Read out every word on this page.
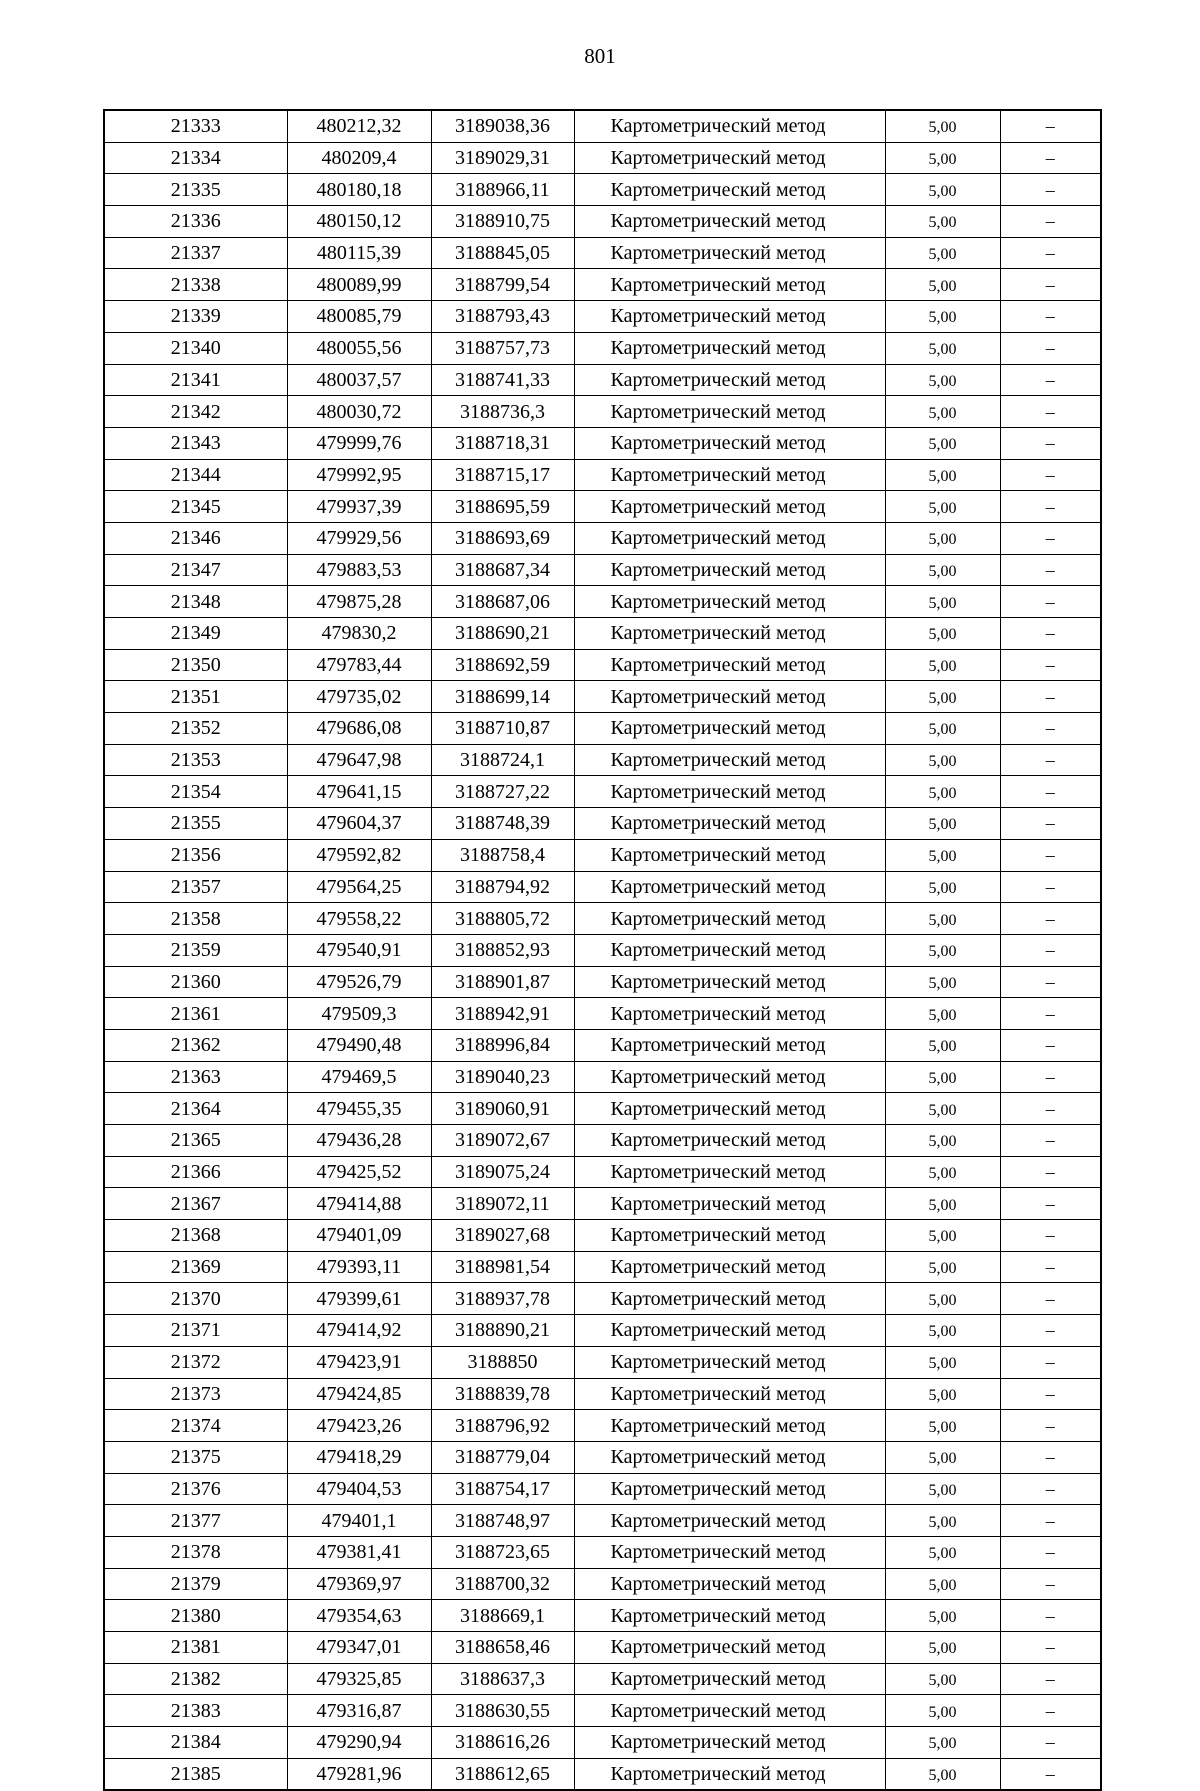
801
21333	480212,32	3189038,36	Картометрический метод	5,00	–
21334	480209,4	3189029,31	Картометрический метод	5,00	–
21335	480180,18	3188966,11	Картометрический метод	5,00	–
21336	480150,12	3188910,75	Картометрический метод	5,00	–
21337	480115,39	3188845,05	Картометрический метод	5,00	–
21338	480089,99	3188799,54	Картометрический метод	5,00	–
21339	480085,79	3188793,43	Картометрический метод	5,00	–
21340	480055,56	3188757,73	Картометрический метод	5,00	–
21341	480037,57	3188741,33	Картометрический метод	5,00	–
21342	480030,72	3188736,3	Картометрический метод	5,00	–
21343	479999,76	3188718,31	Картометрический метод	5,00	–
21344	479992,95	3188715,17	Картометрический метод	5,00	–
21345	479937,39	3188695,59	Картометрический метод	5,00	–
21346	479929,56	3188693,69	Картометрический метод	5,00	–
21347	479883,53	3188687,34	Картометрический метод	5,00	–
21348	479875,28	3188687,06	Картометрический метод	5,00	–
21349	479830,2	3188690,21	Картометрический метод	5,00	–
21350	479783,44	3188692,59	Картометрический метод	5,00	–
21351	479735,02	3188699,14	Картометрический метод	5,00	–
21352	479686,08	3188710,87	Картометрический метод	5,00	–
21353	479647,98	3188724,1	Картометрический метод	5,00	–
21354	479641,15	3188727,22	Картометрический метод	5,00	–
21355	479604,37	3188748,39	Картометрический метод	5,00	–
21356	479592,82	3188758,4	Картометрический метод	5,00	–
21357	479564,25	3188794,92	Картометрический метод	5,00	–
21358	479558,22	3188805,72	Картометрический метод	5,00	–
21359	479540,91	3188852,93	Картометрический метод	5,00	–
21360	479526,79	3188901,87	Картометрический метод	5,00	–
21361	479509,3	3188942,91	Картометрический метод	5,00	–
21362	479490,48	3188996,84	Картометрический метод	5,00	–
21363	479469,5	3189040,23	Картометрический метод	5,00	–
21364	479455,35	3189060,91	Картометрический метод	5,00	–
21365	479436,28	3189072,67	Картометрический метод	5,00	–
21366	479425,52	3189075,24	Картометрический метод	5,00	–
21367	479414,88	3189072,11	Картометрический метод	5,00	–
21368	479401,09	3189027,68	Картометрический метод	5,00	–
21369	479393,11	3188981,54	Картометрический метод	5,00	–
21370	479399,61	3188937,78	Картометрический метод	5,00	–
21371	479414,92	3188890,21	Картометрический метод	5,00	–
21372	479423,91	3188850	Картометрический метод	5,00	–
21373	479424,85	3188839,78	Картометрический метод	5,00	–
21374	479423,26	3188796,92	Картометрический метод	5,00	–
21375	479418,29	3188779,04	Картометрический метод	5,00	–
21376	479404,53	3188754,17	Картометрический метод	5,00	–
21377	479401,1	3188748,97	Картометрический метод	5,00	–
21378	479381,41	3188723,65	Картометрический метод	5,00	–
21379	479369,97	3188700,32	Картометрический метод	5,00	–
21380	479354,63	3188669,1	Картометрический метод	5,00	–
21381	479347,01	3188658,46	Картометрический метод	5,00	–
21382	479325,85	3188637,3	Картометрический метод	5,00	–
21383	479316,87	3188630,55	Картометрический метод	5,00	–
21384	479290,94	3188616,26	Картометрический метод	5,00	–
21385	479281,96	3188612,65	Картометрический метод	5,00	–
